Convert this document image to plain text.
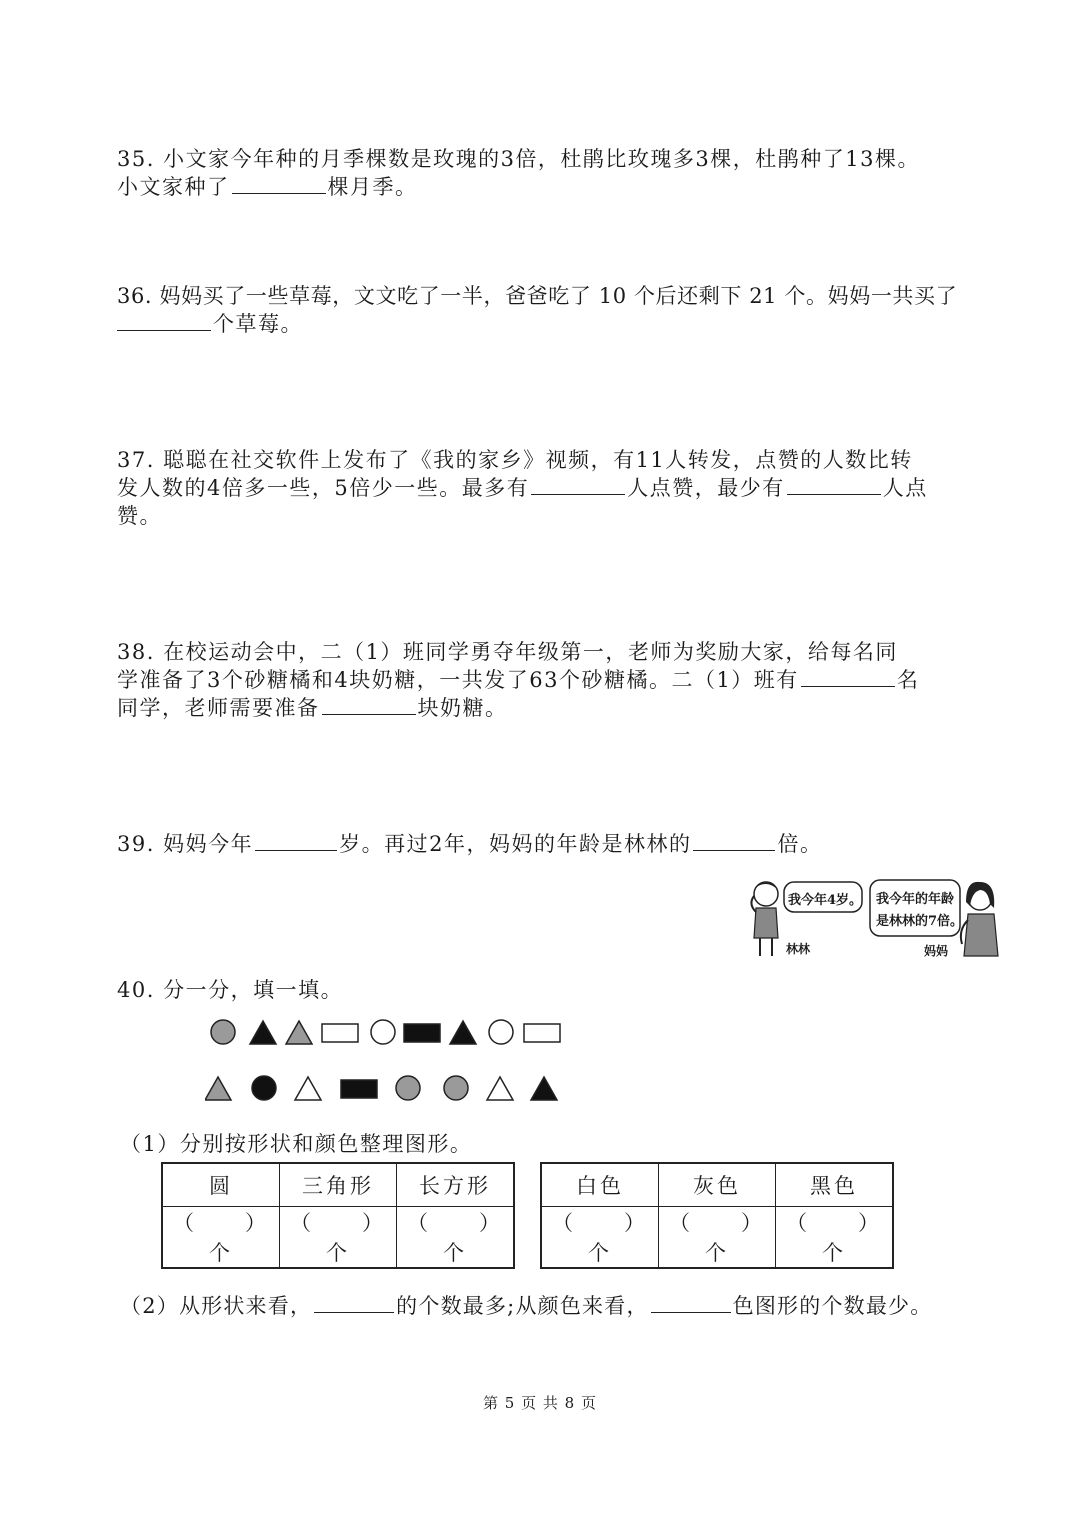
35. 小文家今年种的月季棵数是玫瑰的3倍，杜鹃比玫瑰多3棵，杜鹃种了13棵。
小文家种了	棵月季。
36. 妈妈买了一些草莓，文文吃了一半，爸爸吃了 10 个后还剩下 21 个。妈妈一共买了
个草莓。
37. 聪聪在社交软件上发布了《我的家乡》视频，有11人转发，点赞的人数比转
发人数的4倍多一些，5倍少一些。最多有	人点赞，最少有	人点
赞。
38. 在校运动会中，二（1）班同学勇夺年级第一，老师为奖励大家，给每名同
学准备了3个砂糖橘和4块奶糖，一共发了63个砂糖橘。二（1）班有	名
同学，老师需要准备	块奶糖。
39. 妈妈今年	岁。再过2年，妈妈的年龄是林林的	倍。
我今年4岁。 我今年的年龄
是林林的7倍。
林林	妈妈
40. 分一分，填一填。
（1）分别按形状和颜色整理图形。
圆	三角形	长方形
（　　）个	（　　）个	（　　）个
白色	灰色	黑色
（　　）个	（　　）个	（　　）个
（2）从形状来看，	的个数最多;从颜色来看，	色图形的个数最少。
第 5 页 共 8 页
